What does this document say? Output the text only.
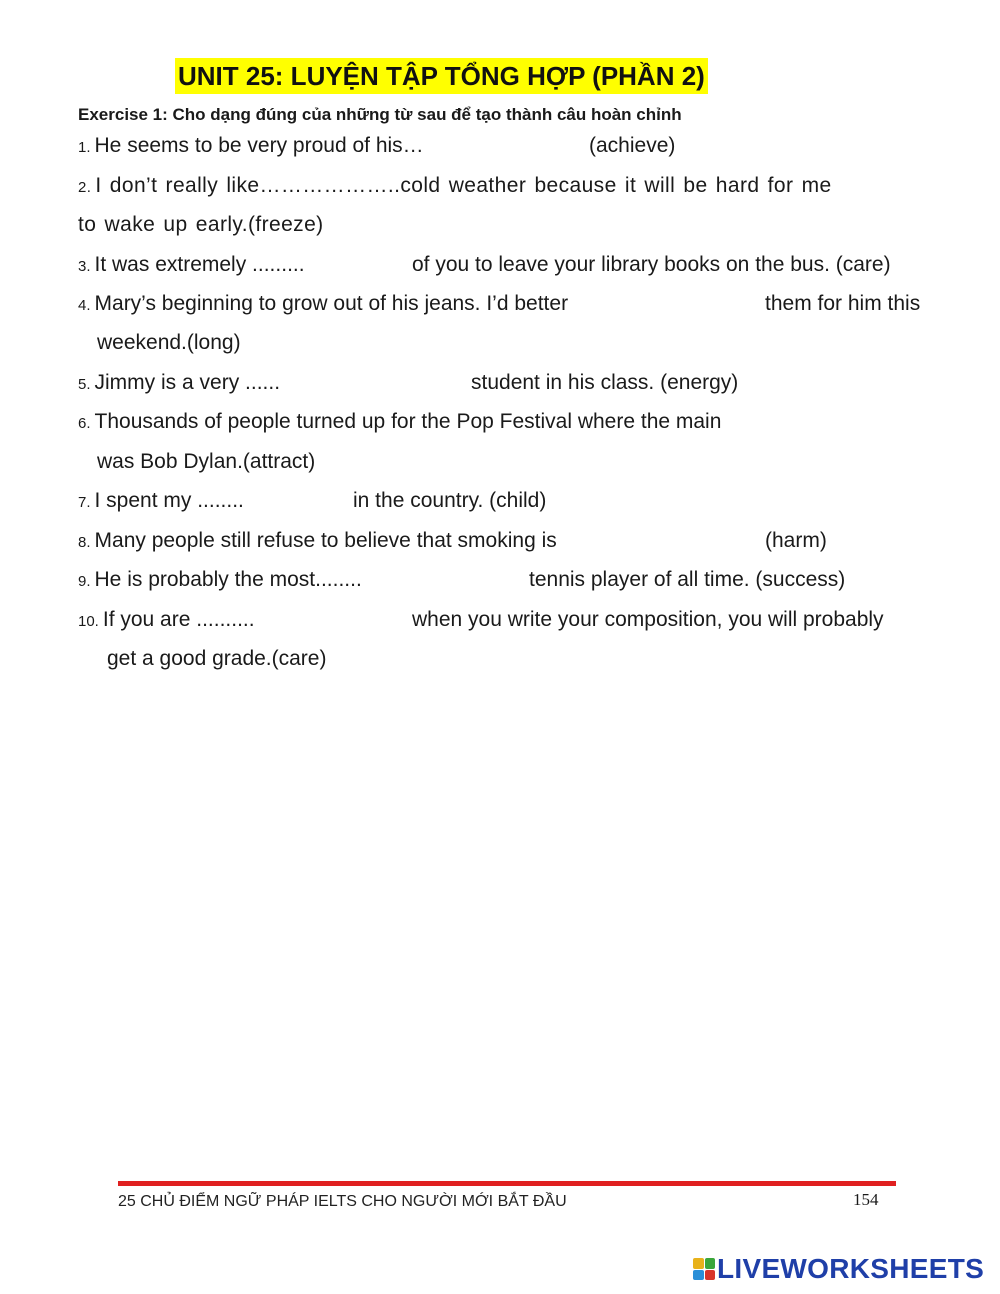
UNIT 25: LUYỆN TẬP TỔNG HỢP (PHẦN 2)
Exercise 1: Cho dạng đúng của những từ sau để tạo thành câu hoàn chỉnh
1. He seems to be very proud of his…	(achieve)
2. I don’t really like………………..cold weather because it will be hard for me
to wake up early.(freeze)
3. It was extremely .........	of you to leave your library books on the bus. (care)
4. Mary’s beginning to grow out of his jeans. I’d better	them for him this
weekend.(long)
5. Jimmy is a very ......	student in his class. (energy)
6. Thousands of people turned up for the Pop Festival where the main
was Bob Dylan.(attract)
7. I spent my ........	in the country. (child)
8. Many people still refuse to believe that smoking is	(harm)
9. He is probably the most........	tennis player of all time. (success)
10. If you are ..........	when you write your composition, you will probably
get a good grade.(care)
25 CHỦ ĐIỂM NGỮ PHÁP IELTS CHO NGƯỜI MỚI BẮT ĐẦU	154
LIVEWORKSHEETS
